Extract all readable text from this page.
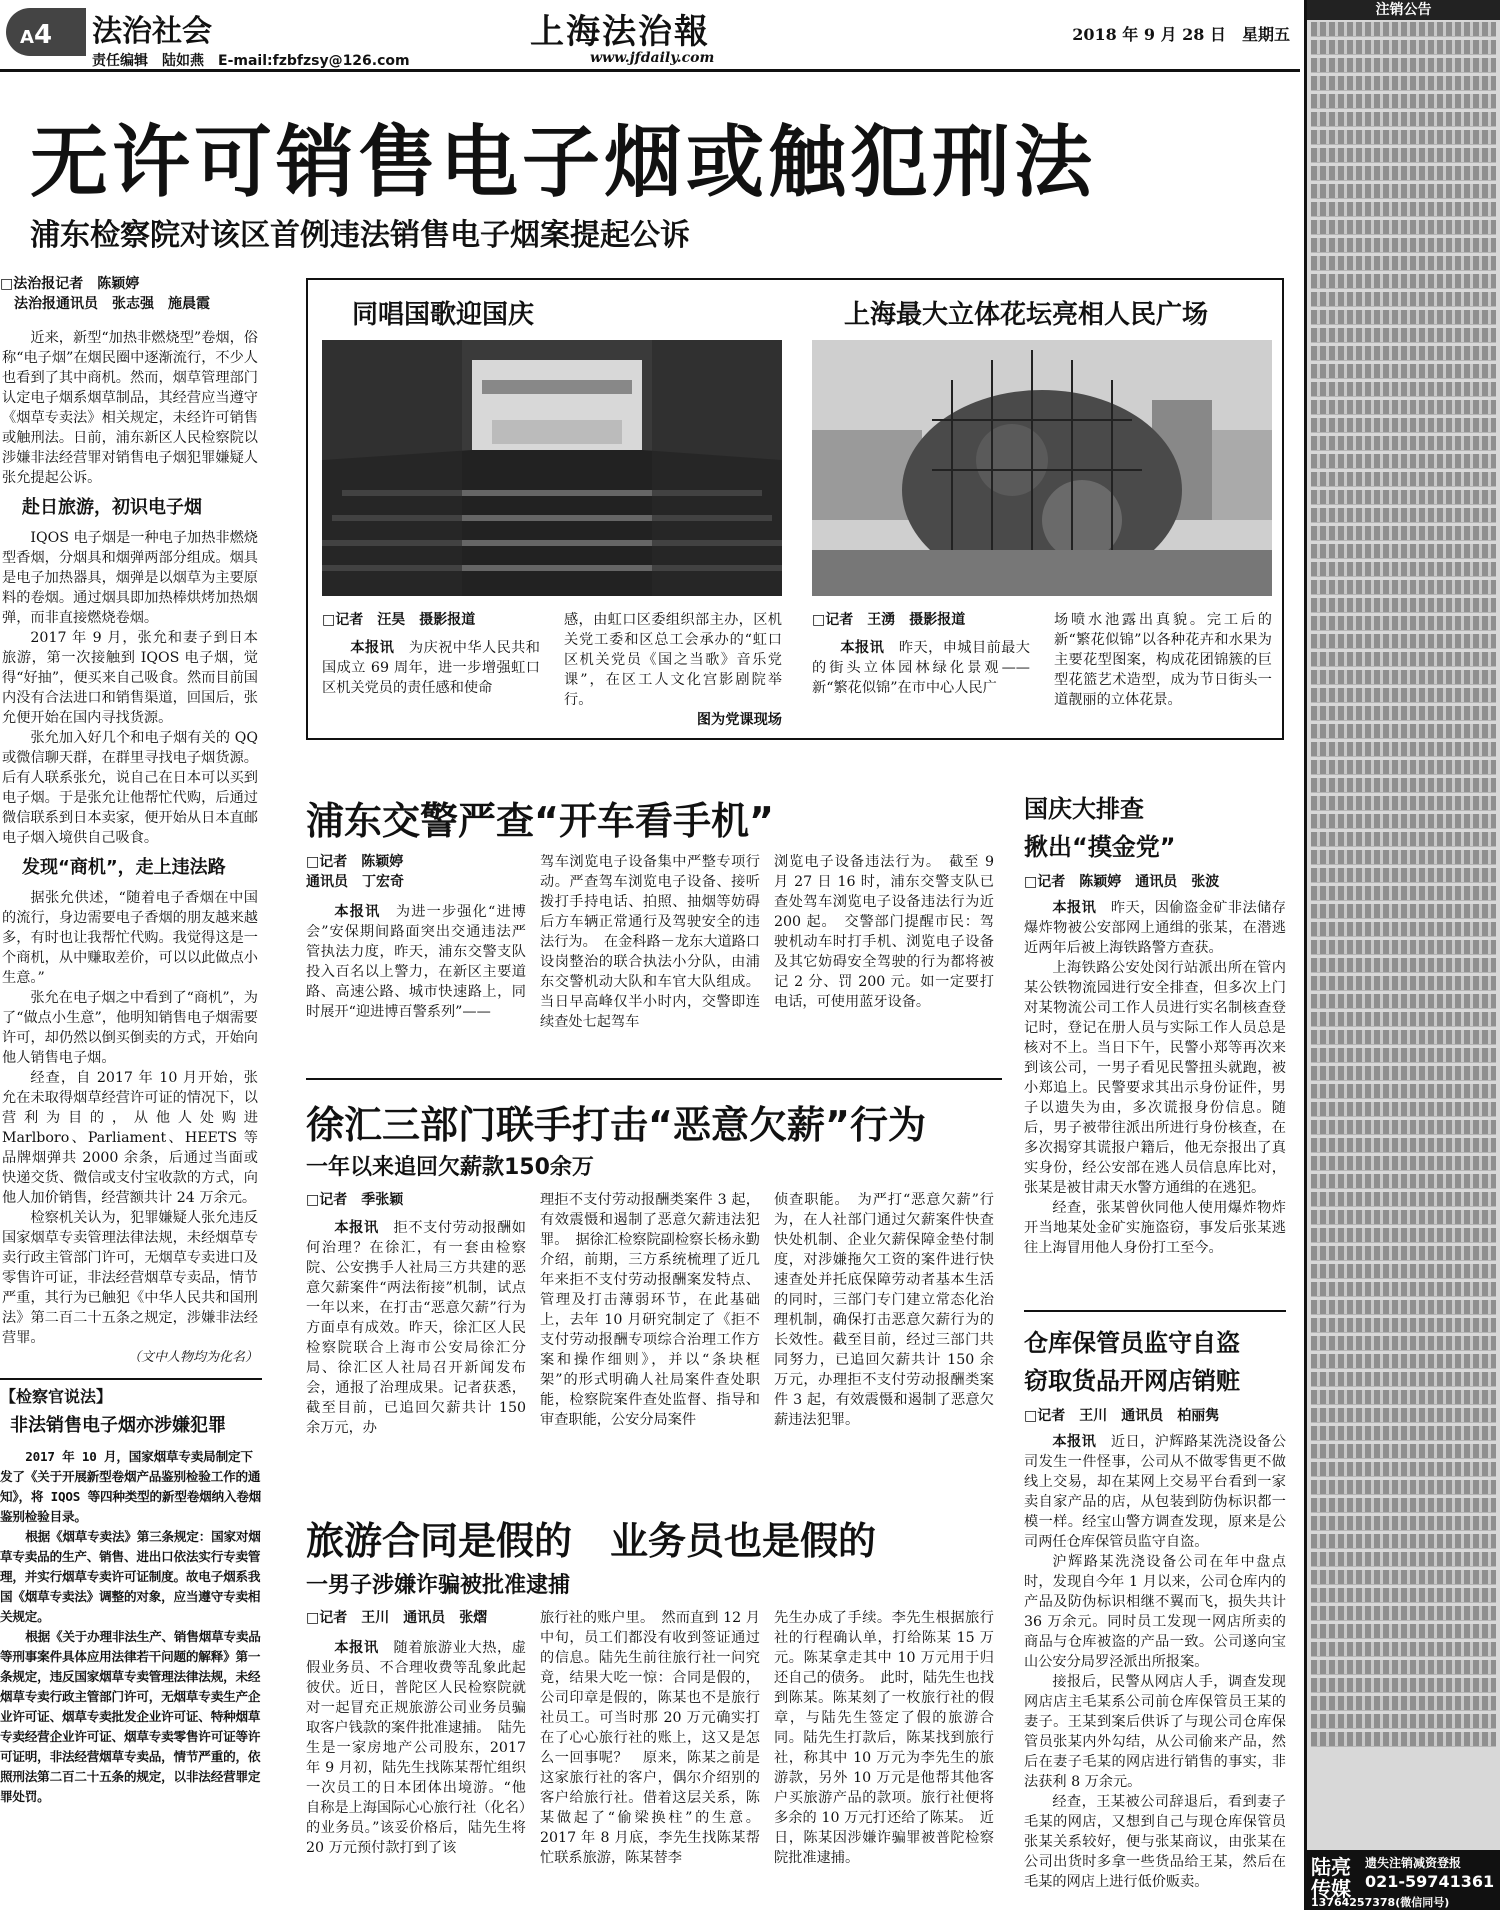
A4	法治社会
责任编辑　陆如燕　E-mail:fzbfzsy@126.com
上海法治報
www.jfdaily.com
2018 年 9 月 28 日　星期五
无许可销售电子烟或触犯刑法
浦东检察院对该区首例违法销售电子烟案提起公诉
□法治报记者　陈颖婷
　法治报通讯员　张志强　施晨霞

近来，新型“加热非燃烧型”卷烟，俗称“电子烟”在烟民圈中逐渐流行，不少人也看到了其中商机。然而，烟草管理部门认定电子烟系烟草制品，其经营应当遵守《烟草专卖法》相关规定，未经许可销售或触刑法。日前，浦东新区人民检察院以涉嫌非法经营罪对销售电子烟犯罪嫌疑人张允提起公诉。

赴日旅游，初识电子烟

IQOS 电子烟是一种电子加热非燃烧型香烟，分烟具和烟弹两部分组成。烟具是电子加热器具，烟弹是以烟草为主要原料的卷烟。通过烟具即加热棒烘烤加热烟弹，而非直接燃烧卷烟。

2017 年 9 月，张允和妻子到日本旅游，第一次接触到 IQOS 电子烟，觉得“好抽”，便买来自己吸食。然而目前国内没有合法进口和销售渠道，回国后，张允便开始在国内寻找货源。

张允加入好几个和电子烟有关的 QQ 或微信聊天群，在群里寻找电子烟货源。后有人联系张允，说自己在日本可以买到电子烟。于是张允让他帮忙代购，后通过微信联系到日本卖家，便开始从日本直邮电子烟入境供自己吸食。

发现“商机”，走上违法路

据张允供述，“随着电子香烟在中国的流行，身边需要电子香烟的朋友越来越多，有时也让我帮忙代购。我觉得这是一个商机，从中赚取差价，可以以此做点小生意。”

张允在电子烟之中看到了“商机”，为了“做点小生意”，他明知销售电子烟需要许可，却仍然以倒买倒卖的方式，开始向他人销售电子烟。

经查，自 2017 年 10 月开始，张允在未取得烟草经营许可证的情况下，以营利为目的，从他人处购进 Marlboro、Parliament、HEETS 等品牌烟弹共 2000 余条，后通过当面或快递交货、微信或支付宝收款的方式，向他人加价销售，经营额共计 24 万余元。

检察机关认为，犯罪嫌疑人张允违反国家烟草专卖管理法律法规，未经烟草专卖行政主管部门许可，无烟草专卖进口及零售许可证，非法经营烟草专卖品，情节严重，其行为已触犯《中华人民共和国刑法》第二百二十五条之规定，涉嫌非法经营罪。

（文中人物均为化名）
【检察官说法】
非法销售电子烟亦涉嫌犯罪

2017 年 10 月，国家烟草专卖局制定下发了《关于开展新型卷烟产品鉴别检验工作的通知》，将 IQOS 等四种类型的新型卷烟纳入卷烟鉴别检验目录。

根据《烟草专卖法》第三条规定：国家对烟草专卖品的生产、销售、进出口依法实行专卖管理，并实行烟草专卖许可证制度。故电子烟系我国《烟草专卖法》调整的对象，应当遵守专卖相关规定。

根据《关于办理非法生产、销售烟草专卖品等刑事案件具体应用法律若干问题的解释》第一条规定，违反国家烟草专卖管理法律法规，未经烟草专卖行政主管部门许可，无烟草专卖生产企业许可证、烟草专卖批发企业许可证、特种烟草专卖经营企业许可证、烟草专卖零售许可证等许可证明，非法经营烟草专卖品，情节严重的，依照刑法第二百二十五条的规定，以非法经营罪定罪处罚。

同唱国歌迎国庆	上海最大立体花坛亮相人民广场
□记者　汪昊　摄影报道

本报讯　 为庆祝中华人民共和国成立 69 周年，进一步增强虹口区机关党员的责任感和使命

感，由虹口区委组织部主办，区机关党工委和区总工会承办的“虹口区机关党员《国之当歌》音乐党课”，在区工人文化宫影剧院举行。
图为党课现场
□记者　王湧　摄影报道

本报讯　 昨天，申城目前最大的街头立体园林绿化景观——新“繁花似锦”在市中心人民广

场喷水池露出真貌。完工后的新“繁花似锦”以各种花卉和水果为主要花型图案，构成花团锦簇的巨型花篮艺术造型，成为节日街头一道靓丽的立体花景。
浦东交警严查“开车看手机”
□记者　陈颖婷
通讯员　丁宏奇

本报讯　 为进一步强化“进博会”安保期间路面突出交通违法严管执法力度，昨天，浦东交警支队投入百名以上警力，在新区主要道路、高速公路、城市快速路上，同时展开“迎进博百警系列”——

驾车浏览电子设备集中严整专项行动。严查驾车浏览电子设备、接听拨打手持电话、拍照、抽烟等妨碍后方车辆正常通行及驾驶安全的违法行为。　在金科路－龙东大道路口设岗整治的联合执法小分队，由浦东交警机动大队和车官大队组成。当日早高峰仅半小时内，交警即连续查处七起驾车
浏览电子设备违法行为。　截至 9 月 27 日 16 时，浦东交警支队已查处驾车浏览电子设备违法行为近 200 起。　交警部门提醒市民：驾驶机动车时打手机、浏览电子设备及其它妨碍安全驾驶的行为都将被记 2 分、罚 200 元。如一定要打电话，可使用蓝牙设备。
徐汇三部门联手打击“恶意欠薪”行为
一年以来追回欠薪款150余万
□记者　季张颖

本报讯　 拒不支付劳动报酬如何治理？在徐汇，有一套由检察院、公安携手人社局三方共建的恶意欠薪案件“两法衔接”机制，试点一年以来，在打击“恶意欠薪”行为方面卓有成效。昨天，徐汇区人民检察院联合上海市公安局徐汇分局、徐汇区人社局召开新闻发布会，通报了治理成果。记者获悉，截至目前，已追回欠薪共计 150 余万元，办

理拒不支付劳动报酬类案件 3 起，有效震慑和遏制了恶意欠薪违法犯罪。　据徐汇检察院副检察长杨永勤介绍，前期，三方系统梳理了近几年来拒不支付劳动报酬案发特点、管理及打击薄弱环节，在此基础上，去年 10 月研究制定了《拒不支付劳动报酬专项综合治理工作方案和操作细则》，并以“条块框架”的形式明确人社局案件查处职能，检察院案件查处监督、指导和审查职能，公安分局案件
侦查职能。　为严打“恶意欠薪”行为，在人社部门通过欠薪案件快查快处机制、企业欠薪保障金垫付制度，对涉嫌拖欠工资的案件进行快速查处并托底保障劳动者基本生活的同时，三部门专门建立常态化治理机制，确保打击恶意欠薪行为的长效性。截至目前，经过三部门共同努力，已追回欠薪共计 150 余万元，办理拒不支付劳动报酬类案件 3 起，有效震慑和遏制了恶意欠薪违法犯罪。
旅游合同是假的　业务员也是假的
一男子涉嫌诈骗被批准逮捕
□记者　王川　通讯员　张熠

本报讯　 随着旅游业大热，虚假业务员、不合理收费等乱象此起彼伏。近日，普陀区人民检察院就对一起冒充正规旅游公司业务员骗取客户钱款的案件批准逮捕。　陆先生是一家房地产公司股东，2017 年 9 月初，陆先生找陈某帮忙组织一次员工的日本团体出境游。“他自称是上海国际心心旅行社（化名）的业务员。”该妥价格后，陆先生将 20 万元预付款打到了该

旅行社的账户里。　然而直到 12 月中旬，员工们都没有收到签证通过的信息。陆先生前往旅行社一问究竟，结果大吃一惊：合同是假的，公司印章是假的，陈某也不是旅行社员工。可当时那 20 万元确实打在了心心旅行社的账上，这又是怎么一回事呢？　原来，陈某之前是这家旅行社的客户，偶尔介绍别的客户给旅行社。借着这层关系，陈某做起了“偷梁换柱”的生意。2017 年 8 月底，李先生找陈某帮忙联系旅游，陈某替李
先生办成了手续。李先生根据旅行社的行程确认单，打给陈某 15 万元。陈某拿走其中 10 万元用于归还自己的债务。　此时，陆先生也找到陈某。陈某刻了一枚旅行社的假章，与陆先生签定了假的旅游合同。陆先生打款后，陈某找到旅行社，称其中 10 万元为李先生的旅游款，另外 10 万元是他帮其他客户买旅游产品的款项。旅行社便将多余的 10 万元打还给了陈某。　近日，陈某因涉嫌诈骗罪被普陀检察院批准逮捕。
国庆大排查
揪出“摸金党”
□记者　陈颖婷　通讯员　张波

本报讯　 昨天，因偷盗金矿非法储存爆炸物被公安部网上通缉的张某，在潜逃近两年后被上海铁路警方查获。

上海铁路公安处闵行站派出所在管内某公铁物流园进行安全排查，但多次上门对某物流公司工作人员进行实名制核查登记时，登记在册人员与实际工作人员总是核对不上。当日下午，民警小郑等再次来到该公司，一男子看见民警扭头就跑，被小郑追上。民警要求其出示身份证件，男子以遗失为由，多次谎报身份信息。随后，男子被带往派出所进行身份核查，在多次揭穿其谎报户籍后，他无奈报出了真实身份，经公安部在逃人员信息库比对，张某是被甘肃天水警方通缉的在逃犯。

经查，张某曾伙同他人使用爆炸物炸开当地某处金矿实施盗窃，事发后张某逃往上海冒用他人身份打工至今。

仓库保管员监守自盗
窃取货品开网店销赃
□记者　王川　通讯员　柏丽隽

本报讯　 近日，沪辉路某洗浇设备公司发生一件怪事，公司从不做零售更不做线上交易，却在某网上交易平台看到一家卖自家产品的店，从包装到防伪标识都一模一样。经宝山警方调查发现，原来是公司两任仓库保管员监守自盗。

沪辉路某洗浇设备公司在年中盘点时，发现自今年 1 月以来，公司仓库内的产品及防伪标识相继不翼而飞，损失共计 36 万余元。同时员工发现一网店所卖的商品与仓库被盗的产品一致。公司遂向宝山公安分局罗泾派出所报案。

接报后，民警从网店人手，调查发现网店店主毛某系公司前仓库保管员王某的妻子。王某到案后供诉了与现公司仓库保管员张某内外勾结，从公司偷来产品，然后在妻子毛某的网店进行销售的事实，非法获利 8 万余元。

经查，王某被公司辞退后，看到妻子毛某的网店，又想到自己与现仓库保管员张某关系较好，便与张某商议，由张某在公司出货时多拿一些货品给王某，然后在毛某的网店上进行低价贩卖。

注销公告
陆亮传媒
遗失注销减资登报
021-59741361
13764257378(微信同号)
